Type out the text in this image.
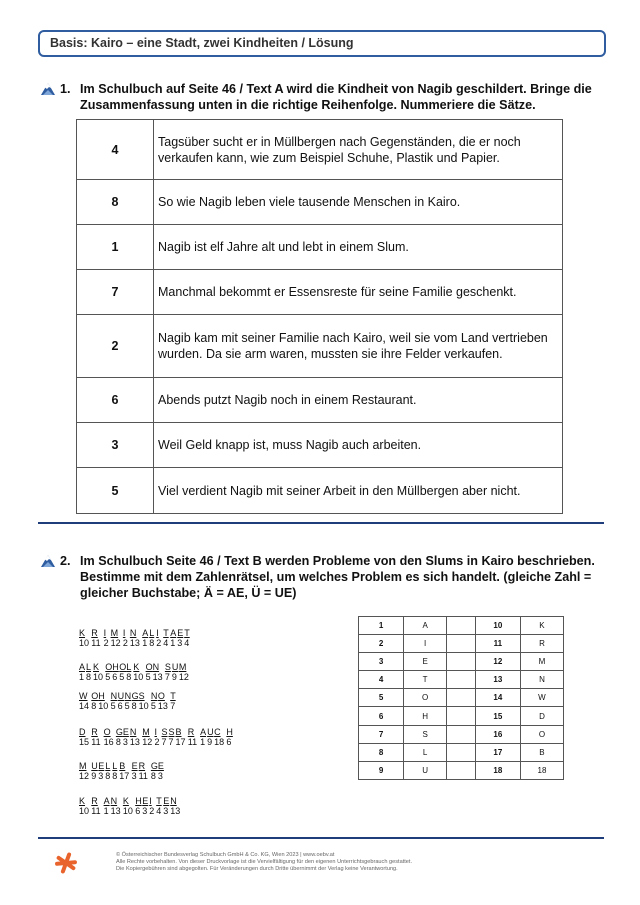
Basis: Kairo – eine Stadt, zwei Kindheiten / Lösung
1. Im Schulbuch auf Seite 46 / Text A wird die Kindheit von Nagib geschildert. Bringe die Zusammenfassung unten in die richtige Reihenfolge. Nummeriere die Sätze.
4	Tagsüber sucht er in Müllbergen nach Gegenständen, die er noch verkaufen kann, wie zum Beispiel Schuhe, Plastik und Papier.
8	So wie Nagib leben viele tausende Menschen in Kairo.
1	Nagib ist elf Jahre alt und lebt in einem Slum.
7	Manchmal bekommt er Essensreste für seine Familie geschenkt.
2	Nagib kam mit seiner Familie nach Kairo, weil sie vom Land vertrieben wurden. Da sie arm waren, mussten sie ihre Felder verkaufen.
6	Abends putzt Nagib noch in einem Restaurant.
3	Weil Geld knapp ist, muss Nagib auch arbeiten.
5	Viel verdient Nagib mit seiner Arbeit in den Müllbergen aber nicht.
2. Im Schulbuch Seite 46 / Text B werden Probleme von den Slums in Kairo beschrieben. Bestimme mit dem Zahlenrätsel, um welches Problem es sich handelt. (gleiche Zahl = gleicher Buchstabe; Ä = AE, Ü = UE)
K R I M I N A L I T A E T
10 11 2 12 2 13 1 8 2 4 1 3 4
A L K O H O L K O N S U M
1 8 10 5 6 5 8 10 5 13 7 9 12
W O H N U N G S N O T
14 8 10 5 6 5 8 10 5 13 7
D R O G E N M I S S B R A U C H
15 11 16 8 3 13 12 2 7 7 17 11 1 9 18 6
M U E L L B E R G E
12 9 3 8 8 17 3 11 8 3
K R A N K H E I T E N
10 11 1 13 10 6 3 2 4 3 13
1	A		10	K
2	I		11	R
3	E		12	M
4	T		13	N
5	O		14	W
6	H		15	D
7	S		16	O
8	L		17	B
9	U		18	18
© Österreichischer Bundesverlag Schulbuch GmbH & Co. KG, Wien 2023 | www.oebv.at
Alle Rechte vorbehalten. Von dieser Druckvorlage ist die Vervielfältigung für den eigenen Unterrichtsgebrauch gestattet.
Die Kopiergebühren sind abgegolten. Für Veränderungen durch Dritte übernimmt der Verlag keine Verantwortung.
